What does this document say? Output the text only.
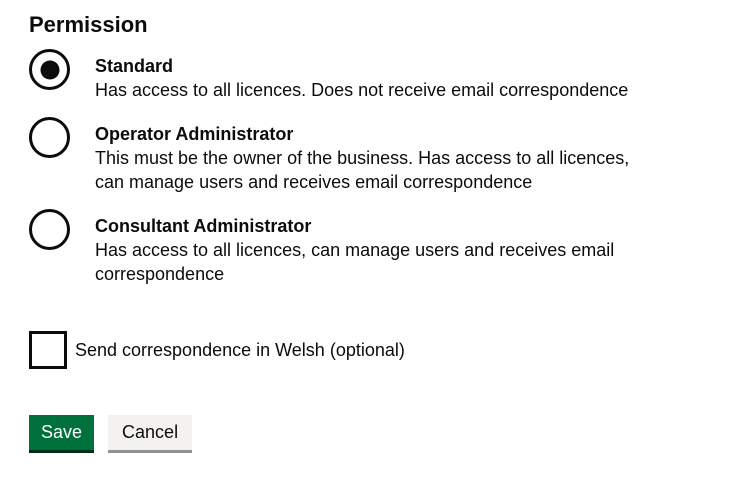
Permission
Standard
Has access to all licences. Does not receive email correspondence
Operator Administrator
This must be the owner of the business. Has access to all licences, can manage users and receives email correspondence
Consultant Administrator
Has access to all licences, can manage users and receives email correspondence
Send correspondence in Welsh (optional)
Save	Cancel
